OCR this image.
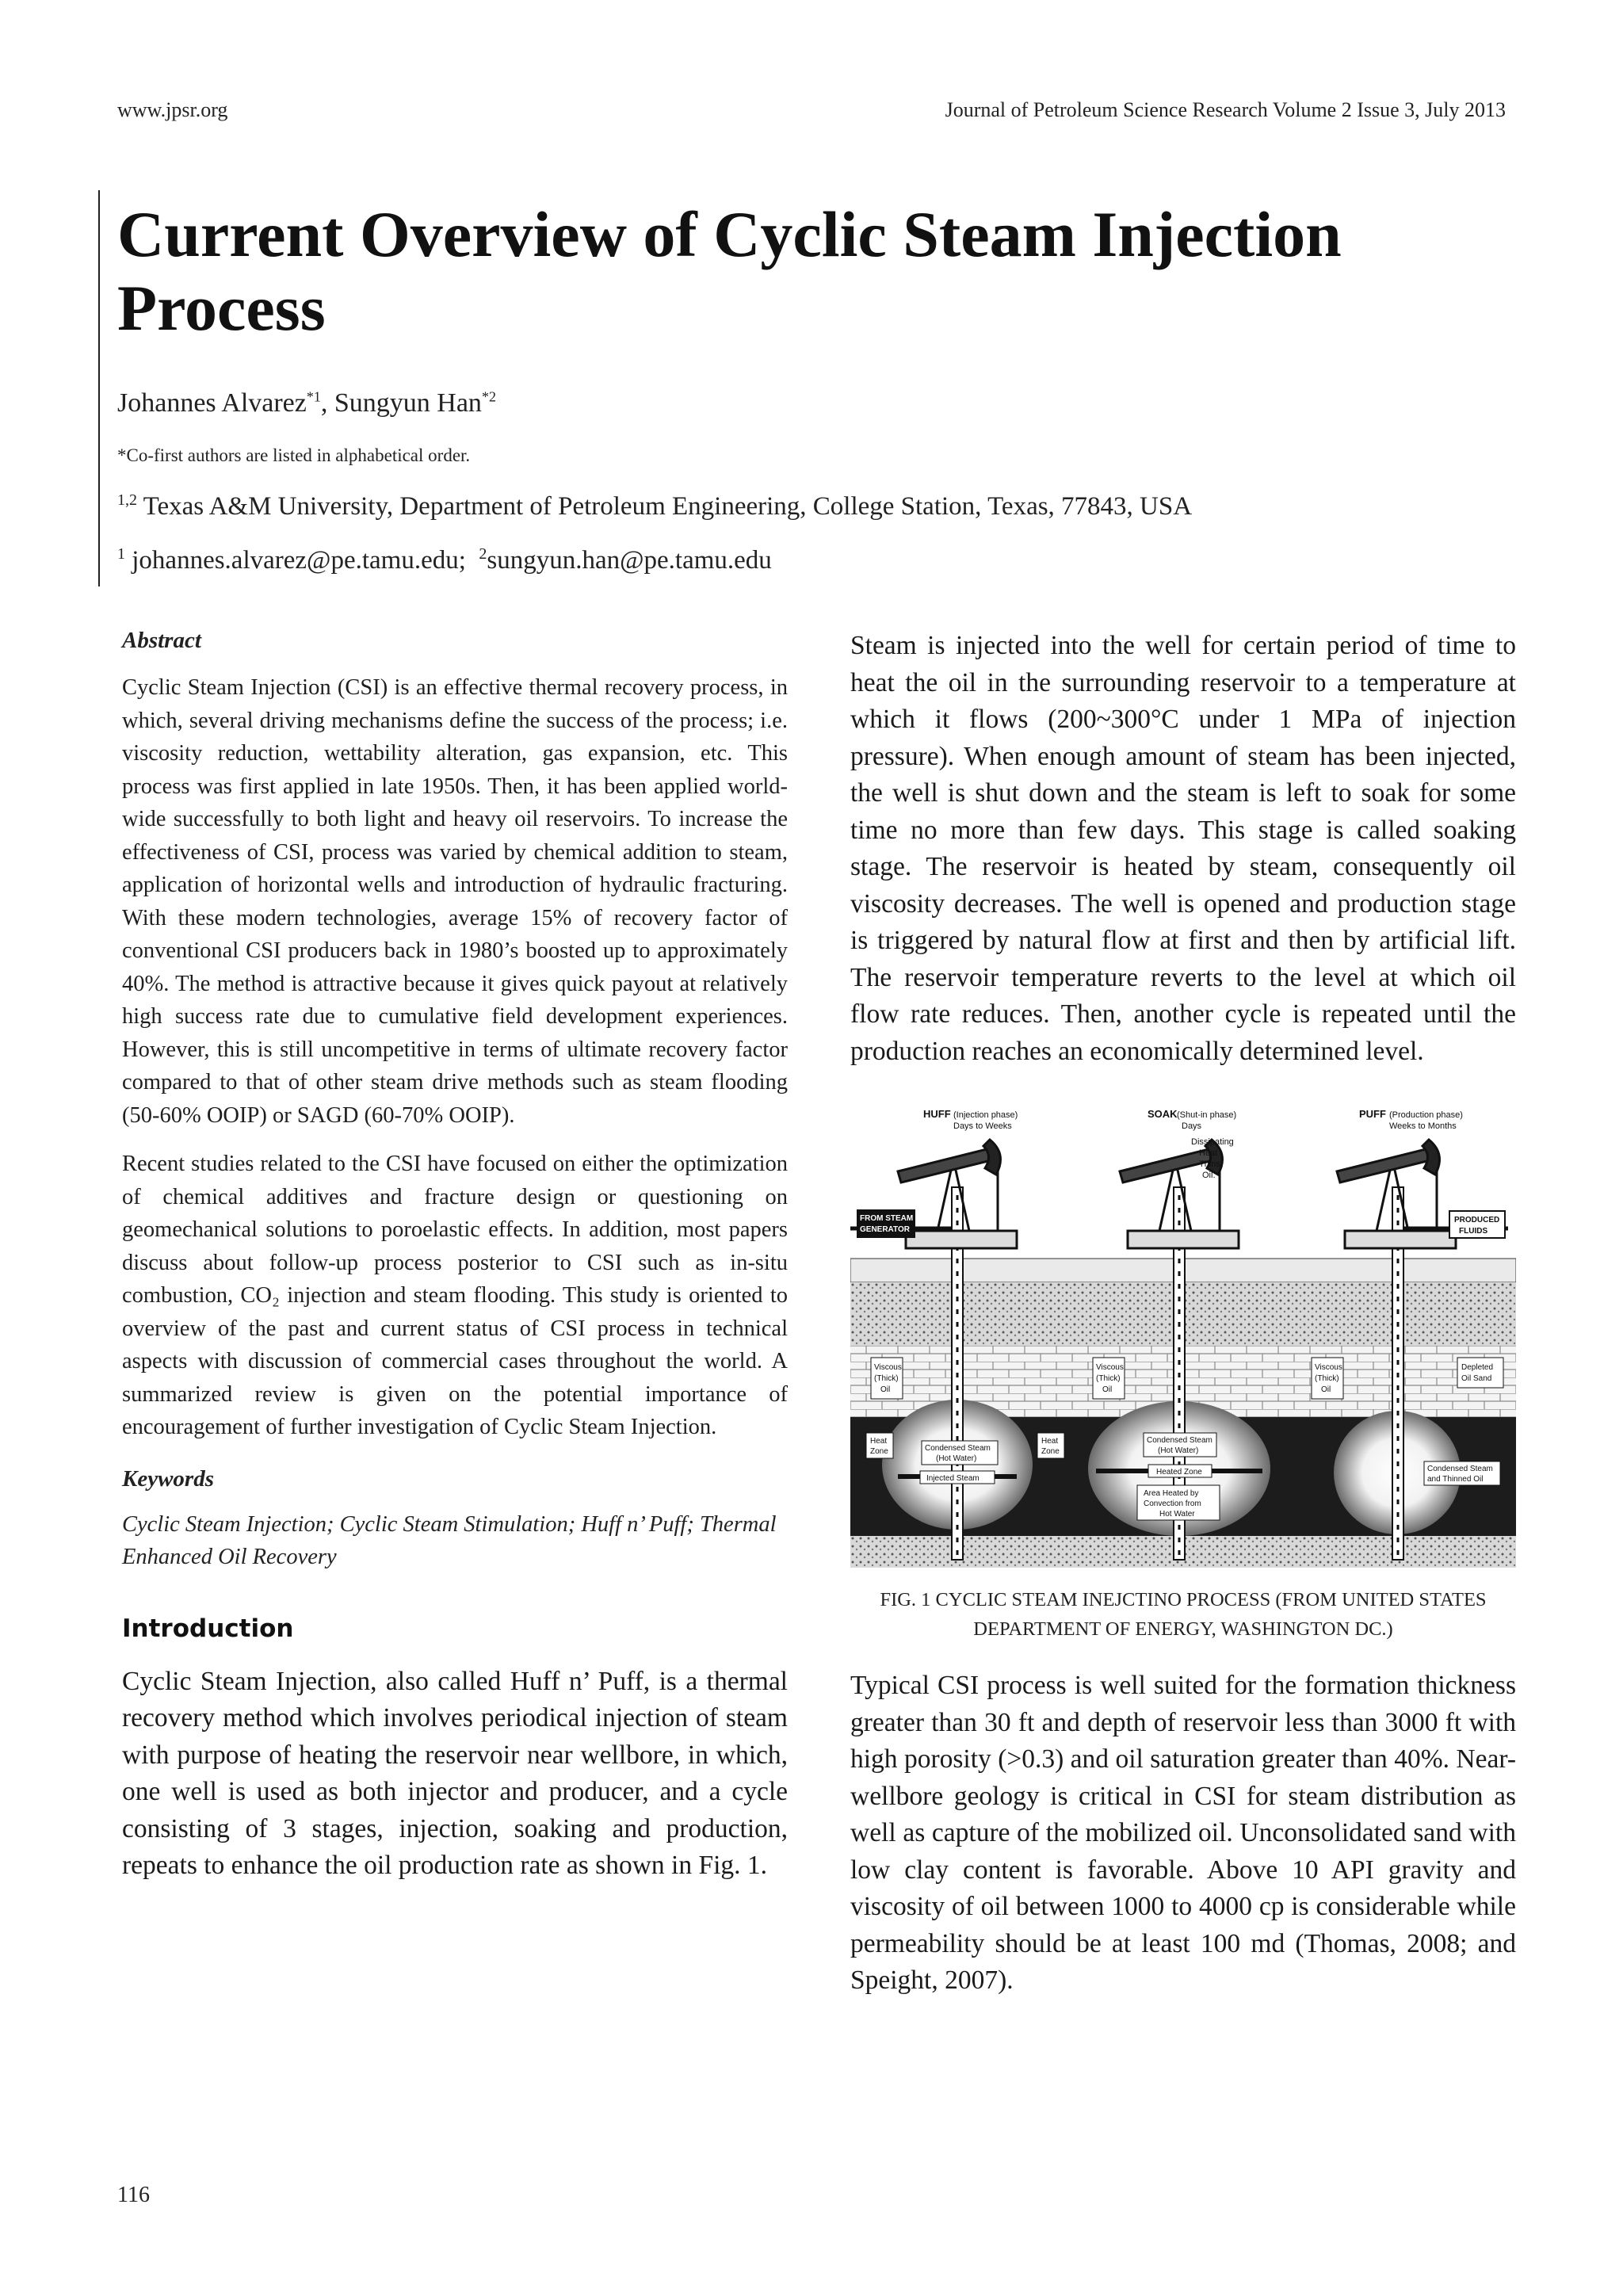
www.jpsr.org	Journal of Petroleum Science Research Volume 2 Issue 3, July 2013
Current Overview of Cyclic Steam Injection Process
Johannes Alvarez$^{*1}$, Sungyun Han$^{*2}$
*Co-first authors are listed in alphabetical order.
$^{1,2}$ Texas A&M University, Department of Petroleum Engineering, College Station, Texas, 77843, USA
$^1$ johannes.alvarez@pe.tamu.edu; $^2$sungyun.han@pe.tamu.edu
Abstract

Cyclic Steam Injection (CSI) is an effective thermal recovery process, in which, several driving mechanisms define the success of the process; i.e. viscosity reduction, wettability alteration, gas expansion, etc. This process was first applied in late 1950s. Then, it has been applied world-wide successfully to both light and heavy oil reservoirs. To increase the effectiveness of CSI, process was varied by chemical addition to steam, application of horizontal wells and introduction of hydraulic fracturing. With these modern technologies, average 15% of recovery factor of conventional CSI producers back in 1980’s boosted up to approximately 40%. The method is attractive because it gives quick payout at relatively high success rate due to cumulative field development experiences. However, this is still uncompetitive in terms of ultimate recovery factor compared to that of other steam drive methods such as steam flooding (50-60% OOIP) or SAGD (60-70% OOIP).

Recent studies related to the CSI have focused on either the optimization of chemical additives and fracture design or questioning on geomechanical solutions to poroelastic effects. In addition, most papers discuss about follow-up process posterior to CSI such as in-situ combustion, CO₂ injection and steam flooding. This study is oriented to overview of the past and current status of CSI process in technical aspects with discussion of commercial cases throughout the world. A summarized review is given on the potential importance of encouragement of further investigation of Cyclic Steam Injection.

Keywords

Cyclic Steam Injection; Cyclic Steam Stimulation; Huff n’ Puff; Thermal Enhanced Oil Recovery

Introduction

Cyclic Steam Injection, also called Huff n’ Puff, is a thermal recovery method which involves periodical injection of steam with purpose of heating the reservoir near wellbore, in which, one well is used as both injector and producer, and a cycle consisting of 3 stages, injection, soaking and production, repeats to enhance the oil production rate as shown in Fig. 1.

Steam is injected into the well for certain period of time to heat the oil in the surrounding reservoir to a temperature at which it flows (200~300°C under 1 MPa of injection pressure). When enough amount of steam has been injected, the well is shut down and the steam is left to soak for some time no more than few days. This stage is called soaking stage. The reservoir is heated by steam, consequently oil viscosity decreases. The well is opened and production stage is triggered by natural flow at first and then by artificial lift. The reservoir temperature reverts to the level at which oil flow rate reduces. Then, another cycle is repeated until the production reaches an economically determined level.

HUFF (Injection phase)
Days to Weeks
SOAK (Shut-in phase)
Days
Dissipating
Heat
Thins
Oil.
PUFF (Production phase)
Weeks to Months
FROM STEAM
GENERATOR
PRODUCED
FLUIDS
Viscous
(Thick)
Oil
Viscous
(Thick)
Oil
Viscous
(Thick)
Oil
Depleted
Oil Sand
Heat
Zone
Heat
Zone
Condensed Steam
(Hot Water)
Injected Steam
Condensed Steam
(Hot Water)
Heated Zone
Area Heated by
Convection from
Hot Water
Condensed Steam
and Thinned Oil

FIG. 1 CYCLIC STEAM INEJCTINO PROCESS (FROM UNITED STATES DEPARTMENT OF ENERGY, WASHINGTON DC.)

Typical CSI process is well suited for the formation thickness greater than 30 ft and depth of reservoir less than 3000 ft with high porosity (>0.3) and oil saturation greater than 40%. Near-wellbore geology is critical in CSI for steam distribution as well as capture of the mobilized oil. Unconsolidated sand with low clay content is favorable. Above 10 API gravity and viscosity of oil between 1000 to 4000 cp is considerable while permeability should be at least 100 md (Thomas, 2008; and Speight, 2007).

116
